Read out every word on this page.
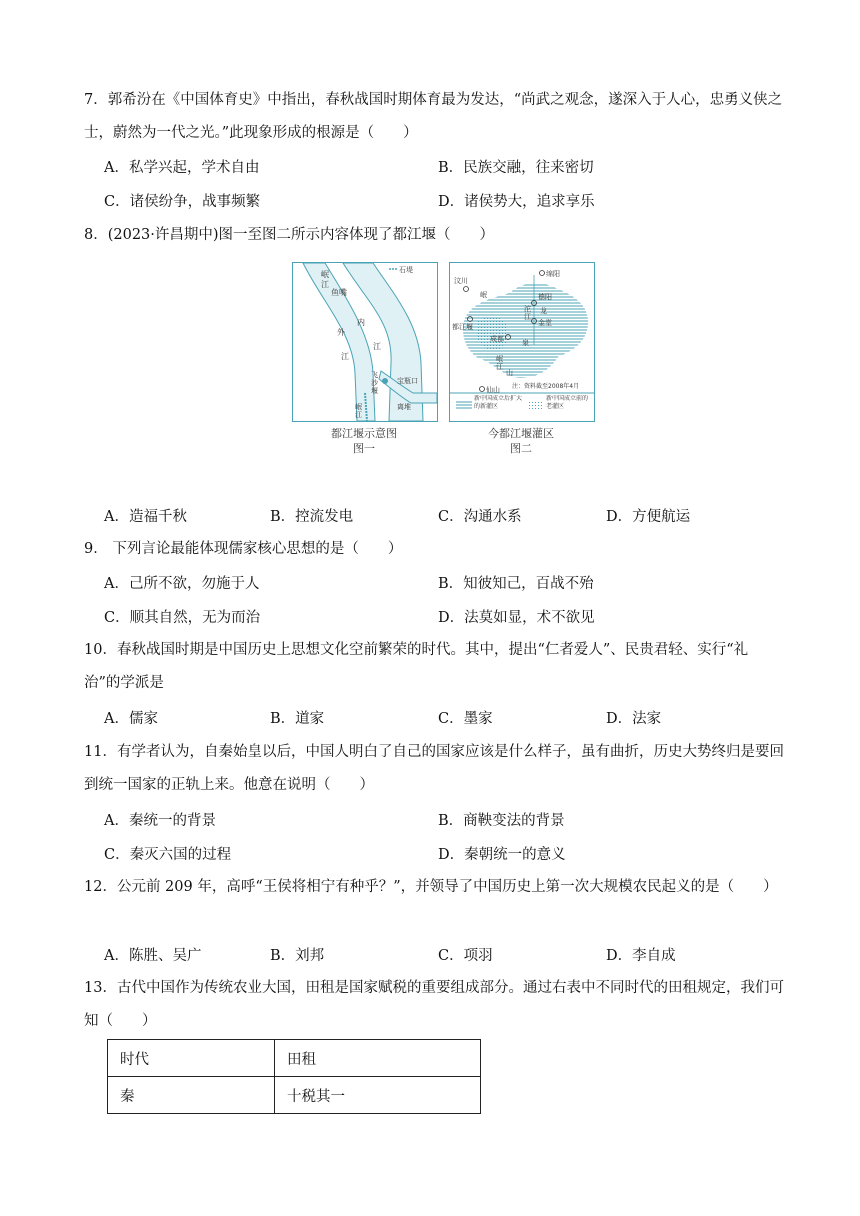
7．郭希汾在《中国体育史》中指出，春秋战国时期体育最为发达，“尚武之观念，遂深入于人心，忠勇义侠之士，蔚然为一代之光。”此现象形成的根源是（　　）

A．私学兴起，学术自由	B．民族交融，往来密切
C．诸侯纷争，战事频繁	D．诸侯势大，追求享乐

8．(2023·许昌期中)图一至图二所示内容体现了都江堰（　　）

石堤
岷
江
鱼嘴
内
外
江
江
飞
沙
堰
宝瓶口
岷
江
离堆
都江堰示意图
图一
汶川
绵阳
德阳
都江堰	金堂
成都
仙山
岷
沱
江
龙
泉
岷
江
山
注：资料截至2008年4月
新中国成立后扩大的新灌区
新中国成立前的老灌区
今都江堰灌区
图二
A．造福千秋	B．控流发电	C．沟通水系	D．方便航运

9． 下列言论最能体现儒家核心思想的是（　　）

A．己所不欲，勿施于人	B．知彼知己，百战不殆
C．顺其自然，无为而治	D．法莫如显，术不欲见

10．春秋战国时期是中国历史上思想文化空前繁荣的时代。其中，提出“仁者爱人”、民贵君轻、实行“礼治”的学派是

A．儒家	B．道家	C．墨家	D．法家

11．有学者认为，自秦始皇以后，中国人明白了自己的国家应该是什么样子，虽有曲折，历史大势终归是要回到统一国家的正轨上来。他意在说明（　　）

A．秦统一的背景	B．商鞅变法的背景
C．秦灭六国的过程	D．秦朝统一的意义

12．公元前 209 年，高呼“王侯将相宁有种乎？”，并领导了中国历史上第一次大规模农民起义的是（　　）

A．陈胜、吴广	B．刘邦	C．项羽	D．李自成

13．古代中国作为传统农业大国，田租是国家赋税的重要组成部分。通过右表中不同时代的田租规定，我们可知（　　）

时代	田租
秦	十税其一
